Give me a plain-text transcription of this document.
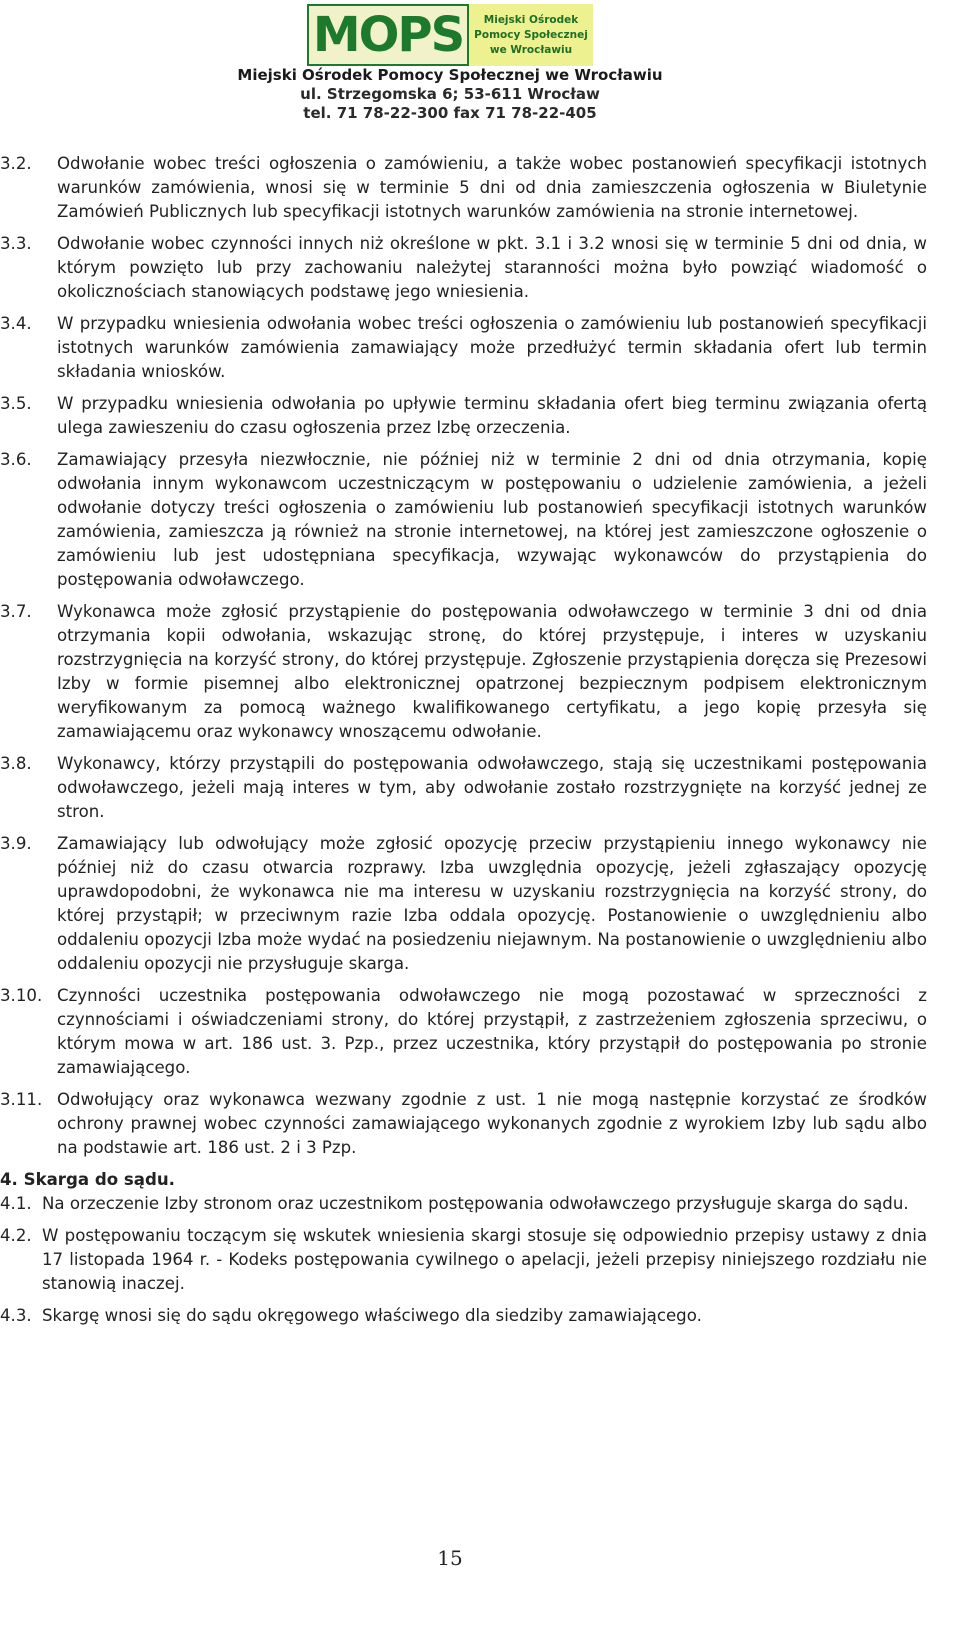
MOPS	Miejski Ośrodek
Pomocy Społecznej
we Wrocławiu
Miejski Ośrodek Pomocy Społecznej we Wrocławiu
ul. Strzegomska 6; 53-611 Wrocław
tel. 71 78-22-300 fax 71 78-22-405
3.2. Odwołanie wobec treści ogłoszenia o zamówieniu, a także wobec postanowień specyfikacji istotnych warunków zamówienia, wnosi się w terminie 5 dni od dnia zamieszczenia ogłoszenia w Biuletynie Zamówień Publicznych lub specyfikacji istotnych warunków zamówienia na stronie internetowej.
3.3. Odwołanie wobec czynności innych niż określone w pkt. 3.1 i 3.2 wnosi się w terminie 5 dni od dnia, w którym powzięto lub przy zachowaniu należytej staranności można było powziąć wiadomość o okolicznościach stanowiących podstawę jego wniesienia.
3.4. W przypadku wniesienia odwołania wobec treści ogłoszenia o zamówieniu lub postanowień specyfikacji istotnych warunków zamówienia zamawiający może przedłużyć termin składania ofert lub termin składania wniosków.
3.5. W przypadku wniesienia odwołania po upływie terminu składania ofert bieg terminu związania ofertą ulega zawieszeniu do czasu ogłoszenia przez Izbę orzeczenia.
3.6. Zamawiający przesyła niezwłocznie, nie później niż w terminie 2 dni od dnia otrzymania, kopię odwołania innym wykonawcom uczestniczącym w postępowaniu o udzielenie zamówienia, a jeżeli odwołanie dotyczy treści ogłoszenia o zamówieniu lub postanowień specyfikacji istotnych warunków zamówienia, zamieszcza ją również na stronie internetowej, na której jest zamieszczone ogłoszenie o zamówieniu lub jest udostępniana specyfikacja, wzywając wykonawców do przystąpienia do postępowania odwoławczego.
3.7. Wykonawca może zgłosić przystąpienie do postępowania odwoławczego w terminie 3 dni od dnia otrzymania kopii odwołania, wskazując stronę, do której przystępuje, i interes w uzyskaniu rozstrzygnięcia na korzyść strony, do której przystępuje. Zgłoszenie przystąpienia doręcza się Prezesowi Izby w formie pisemnej albo elektronicznej opatrzonej bezpiecznym podpisem elektronicznym weryfikowanym za pomocą ważnego kwalifikowanego certyfikatu, a jego kopię przesyła się zamawiającemu oraz wykonawcy wnoszącemu odwołanie.
3.8. Wykonawcy, którzy przystąpili do postępowania odwoławczego, stają się uczestnikami postępowania odwoławczego, jeżeli mają interes w tym, aby odwołanie zostało rozstrzygnięte na korzyść jednej ze stron.
3.9. Zamawiający lub odwołujący może zgłosić opozycję przeciw przystąpieniu innego wykonawcy nie później niż do czasu otwarcia rozprawy. Izba uwzględnia opozycję, jeżeli zgłaszający opozycję uprawdopodobni, że wykonawca nie ma interesu w uzyskaniu rozstrzygnięcia na korzyść strony, do której przystąpił; w przeciwnym razie Izba oddala opozycję. Postanowienie o uwzględnieniu albo oddaleniu opozycji Izba może wydać na posiedzeniu niejawnym. Na postanowienie o uwzględnieniu albo oddaleniu opozycji nie przysługuje skarga.
3.10. Czynności uczestnika postępowania odwoławczego nie mogą pozostawać w sprzeczności z czynnościami i oświadczeniami strony, do której przystąpił, z zastrzeżeniem zgłoszenia sprzeciwu, o którym mowa w art. 186 ust. 3. Pzp., przez uczestnika, który przystąpił do postępowania po stronie zamawiającego.
3.11. Odwołujący oraz wykonawca wezwany zgodnie z ust. 1 nie mogą następnie korzystać ze środków ochrony prawnej wobec czynności zamawiającego wykonanych zgodnie z wyrokiem Izby lub sądu albo na podstawie art. 186 ust. 2 i 3 Pzp.
4. Skarga do sądu.
4.1. Na orzeczenie Izby stronom oraz uczestnikom postępowania odwoławczego przysługuje skarga do sądu.
4.2. W postępowaniu toczącym się wskutek wniesienia skargi stosuje się odpowiednio przepisy ustawy z dnia 17 listopada 1964 r. - Kodeks postępowania cywilnego o apelacji, jeżeli przepisy niniejszego rozdziału nie stanowią inaczej.
4.3. Skargę wnosi się do sądu okręgowego właściwego dla siedziby zamawiającego.
15
